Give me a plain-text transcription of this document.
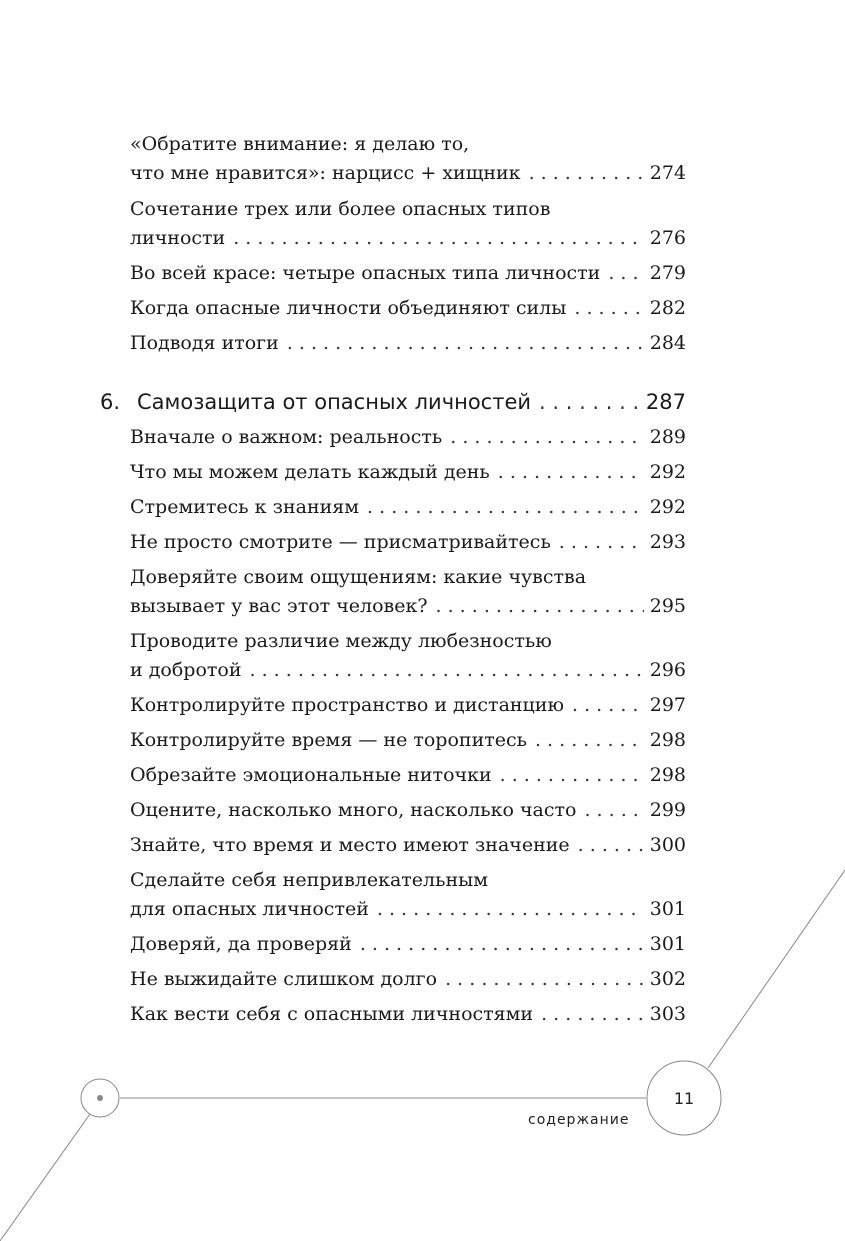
«Обратите внимание: я делаю то,
что мне нравится»: нарцисс + хищник . . .	274
Сочетание трех или более опасных типов
личности . . .	276
Во всей красе: четыре опасных типа личности . . .	279
Когда опасные личности объединяют силы . . .	282
Подводя итоги . . .	284
6. Самозащита от опасных личностей . . .	287
Вначале о важном: реальность . . .	289
Что мы можем делать каждый день . . .	292
Стремитесь к знаниям . . .	292
Не просто смотрите — присматривайтесь . . .	293
Доверяйте своим ощущениям: какие чувства
вызывает у вас этот человек? . . .	295
Проводите различие между любезностью
и добротой . . .	296
Контролируйте пространство и дистанцию . . .	297
Контролируйте время — не торопитесь . . .	298
Обрезайте эмоциональные ниточки . . .	298
Оцените, насколько много, насколько часто . . .	299
Знайте, что время и место имеют значение . . .	300
Сделайте себя непривлекательным
для опасных личностей . . .	301
Доверяй, да проверяй . . .	301
Не выжидайте слишком долго . . .	302
Как вести себя с опасными личностями . . .	303
содержание
11
